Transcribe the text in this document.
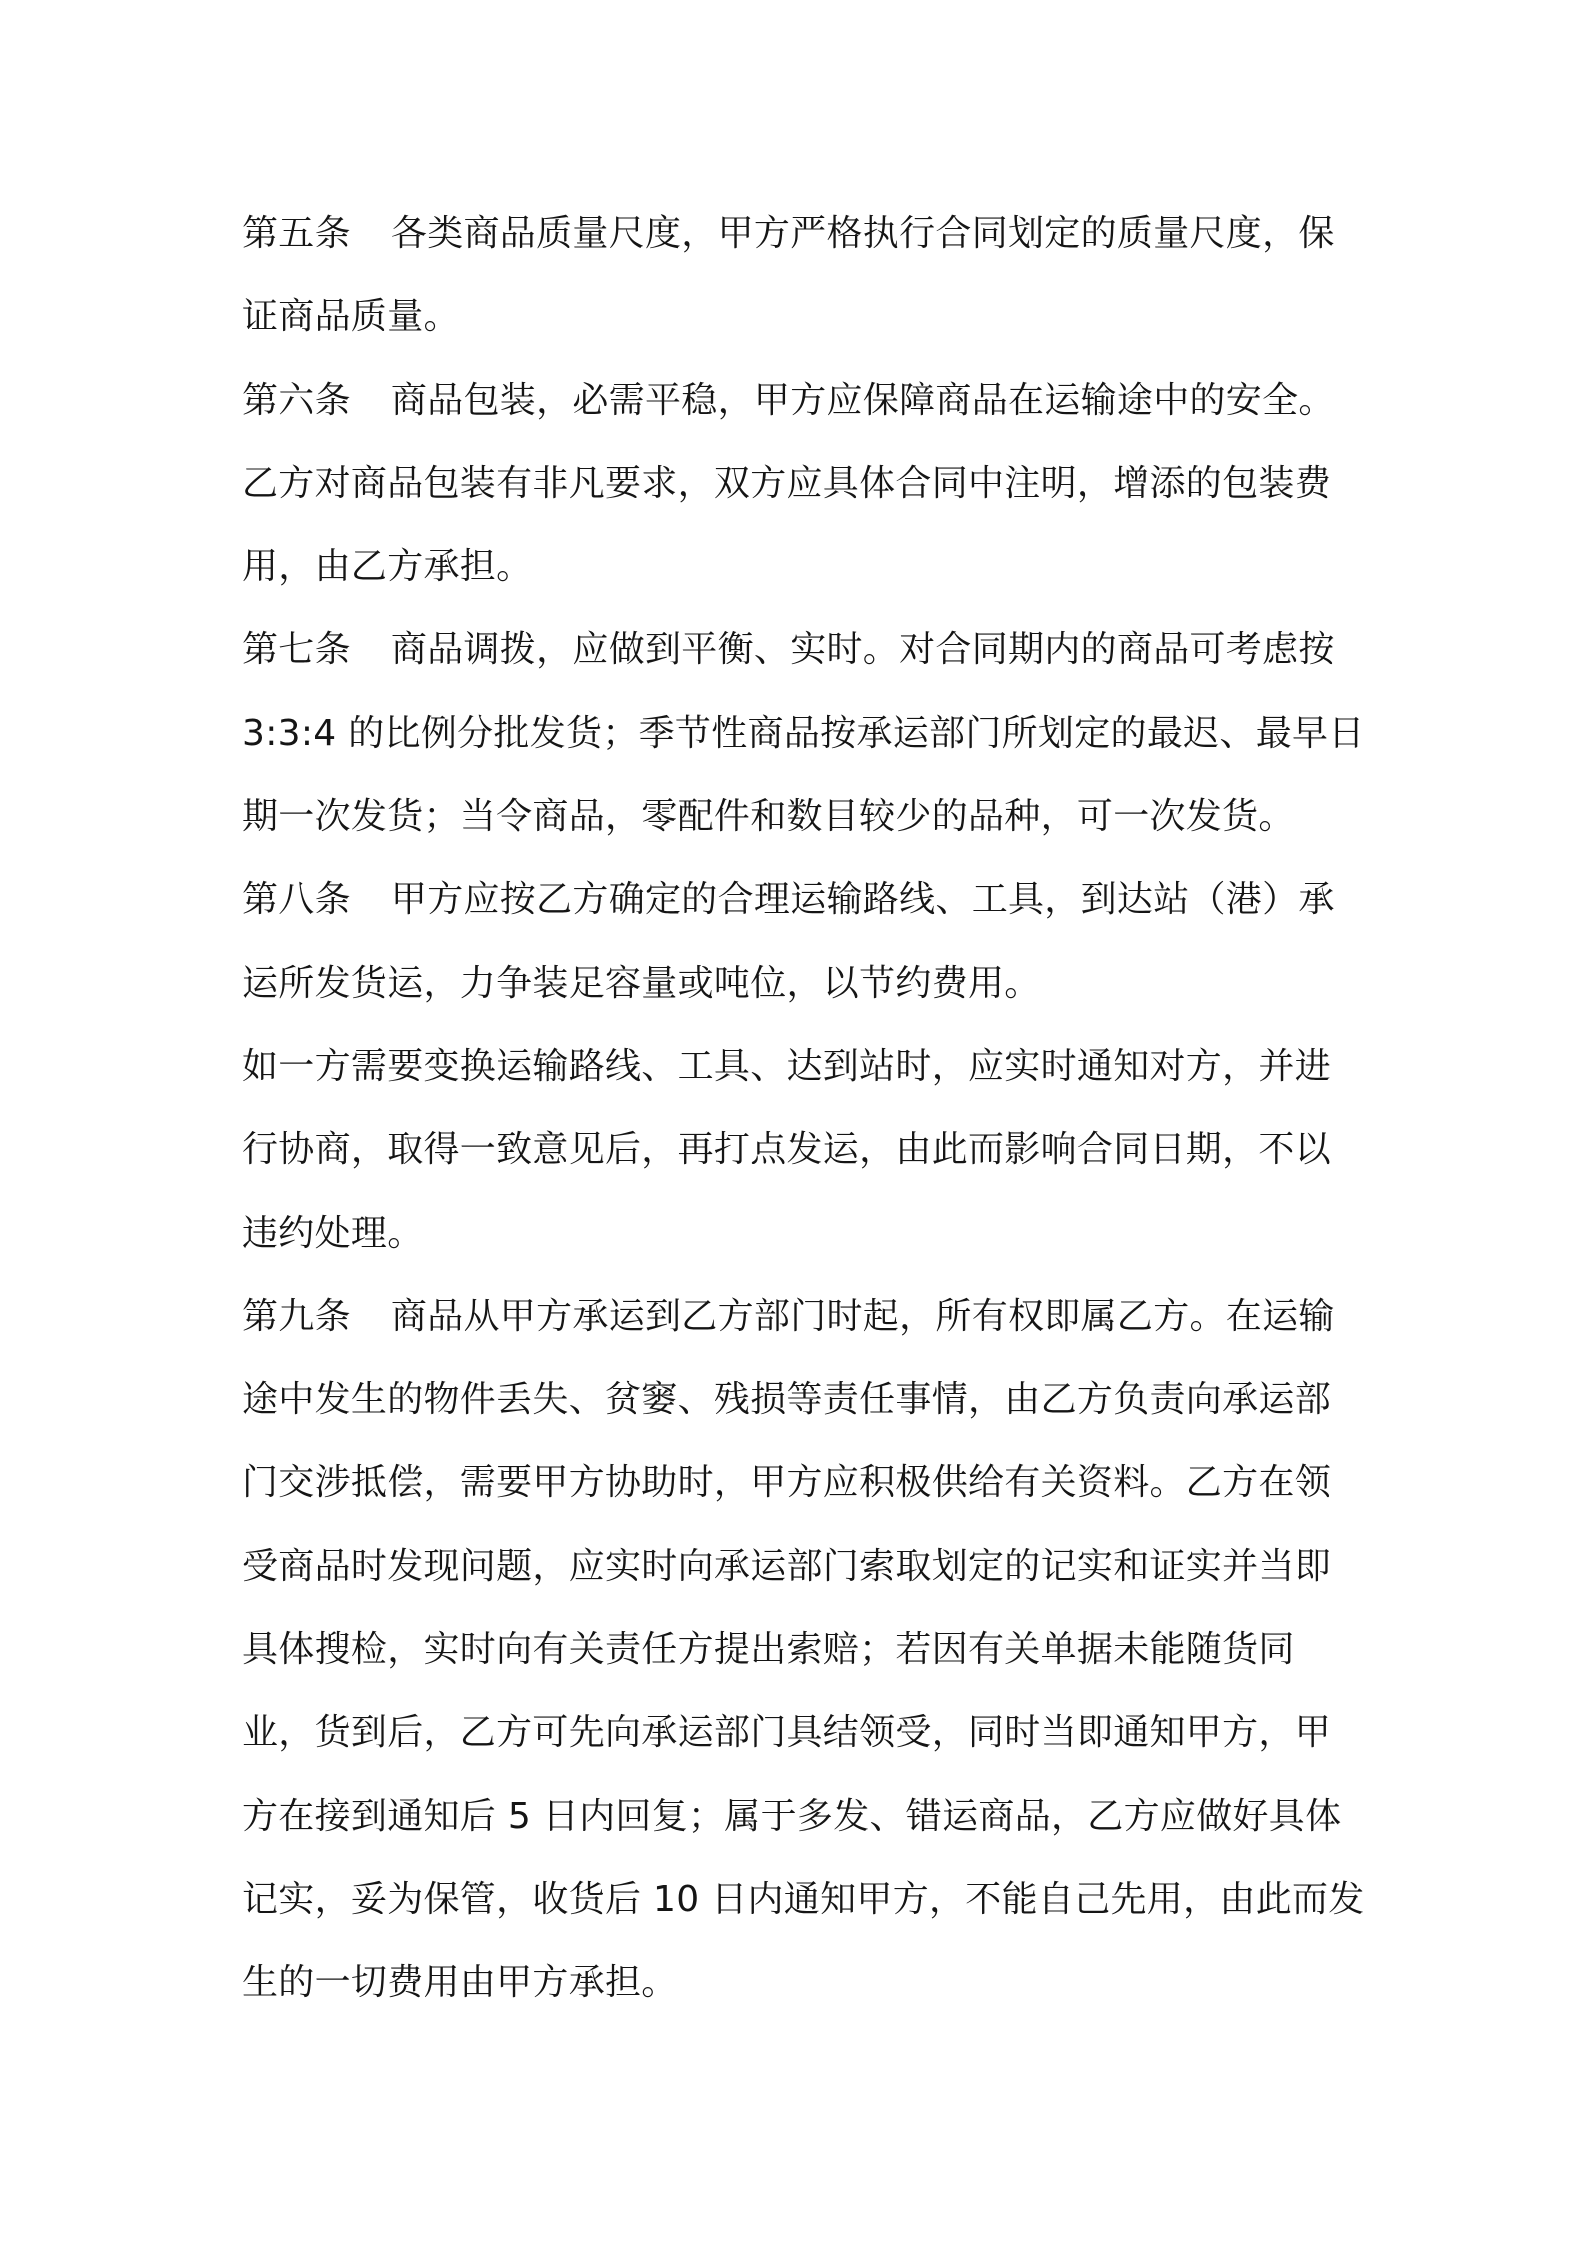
第五条 各类商品质量尺度，甲方严格执行合同划定的质量尺度，保证商品质量。

第六条 商品包装，必需平稳，甲方应保障商品在运输途中的安全。乙方对商品包装有非凡要求，双方应具体合同中注明，增添的包装费用，由乙方承担。

第七条 商品调拨，应做到平衡、实时。对合同期内的商品可考虑按 3:3:4 的比例分批发货；季节性商品按承运部门所划定的最迟、最早日期一次发货；当令商品，零配件和数目较少的品种，可一次发货。

第八条 甲方应按乙方确定的合理运输路线、工具，到达站（港）承运所发货运，力争装足容量或吨位，以节约费用。

如一方需要变换运输路线、工具、达到站时，应实时通知对方，并进行协商，取得一致意见后，再打点发运，由此而影响合同日期，不以违约处理。

第九条 商品从甲方承运到乙方部门时起，所有权即属乙方。在运输途中发生的物件丢失、贫窭、残损等责任事情，由乙方负责向承运部门交涉抵偿，需要甲方协助时，甲方应积极供给有关资料。乙方在领受商品时发现问题，应实时向承运部门索取划定的记实和证实并当即具体搜检，实时向有关责任方提出索赔；若因有关单据未能随货同业，货到后，乙方可先向承运部门具结领受，同时当即通知甲方，甲方在接到通知后 5 日内回复；属于多发、错运商品，乙方应做好具体记实，妥为保管，收货后 10 日内通知甲方，不能自己先用，由此而发生的一切费用由甲方承担。
